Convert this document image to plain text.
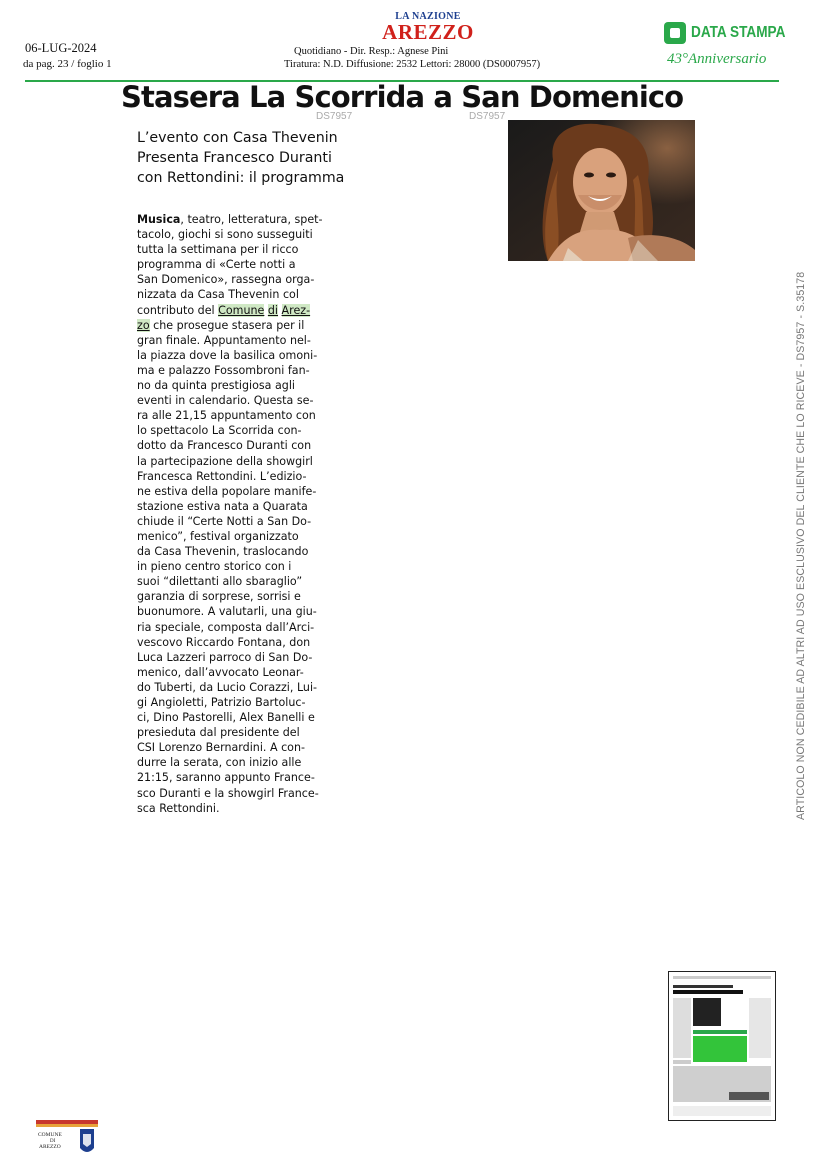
06-LUG-2024
da pag. 23 / foglio 1
LA NAZIONE
AREZZO
Quotidiano - Dir. Resp.: Agnese Pini
Tiratura: N.D. Diffusione: 2532 Lettori: 28000 (DS0007957)
DATA STAMPA
43°Anniversario
Stasera La Scorrida a San Domenico
DS7957	DS7957
L’evento con Casa Thevenin
Presenta Francesco Duranti
con Rettondini: il programma
Musica, teatro, letteratura, spet-
tacolo, giochi si sono susseguiti
tutta la settimana per il ricco
programma di «Certe notti a
San Domenico», rassegna orga-
nizzata da Casa Thevenin col
contributo del Comune di Arez-
zo che prosegue stasera per il
gran finale. Appuntamento nel-
la piazza dove la basilica omoni-
ma e palazzo Fossombroni fan-
no da quinta prestigiosa agli
eventi in calendario. Questa se-
ra alle 21,15 appuntamento con
lo spettacolo La Scorrida con-
dotto da Francesco Duranti con
la partecipazione della showgirl
Francesca Rettondini. L’edizio-
ne estiva della popolare manife-
stazione estiva nata a Quarata
chiude il “Certe Notti a San Do-
menico”, festival organizzato
da Casa Thevenin, traslocando
in pieno centro storico con i
suoi “dilettanti allo sbaraglio”
garanzia di sorprese, sorrisi e
buonumore. A valutarli, una giu-
ria speciale, composta dall’Arci-
vescovo Riccardo Fontana, don
Luca Lazzeri parroco di San Do-
menico, dall’avvocato Leonar-
do Tuberti, da Lucio Corazzi, Lui-
gi Angioletti, Patrizio Bartoluc-
ci, Dino Pastorelli, Alex Banelli e
presieduta dal presidente del
CSI Lorenzo Bernardini. A con-
durre la serata, con inizio alle
21:15, saranno appunto France-
sco Duranti e la showgirl France-
sca Rettondini.	ARTICOLO NON CEDIBILE AD ALTRI AD USO ESCLUSIVO DEL CLIENTE CHE LO RICEVE - DS7957 - S.35178
COMUNE
DI
AREZZO
